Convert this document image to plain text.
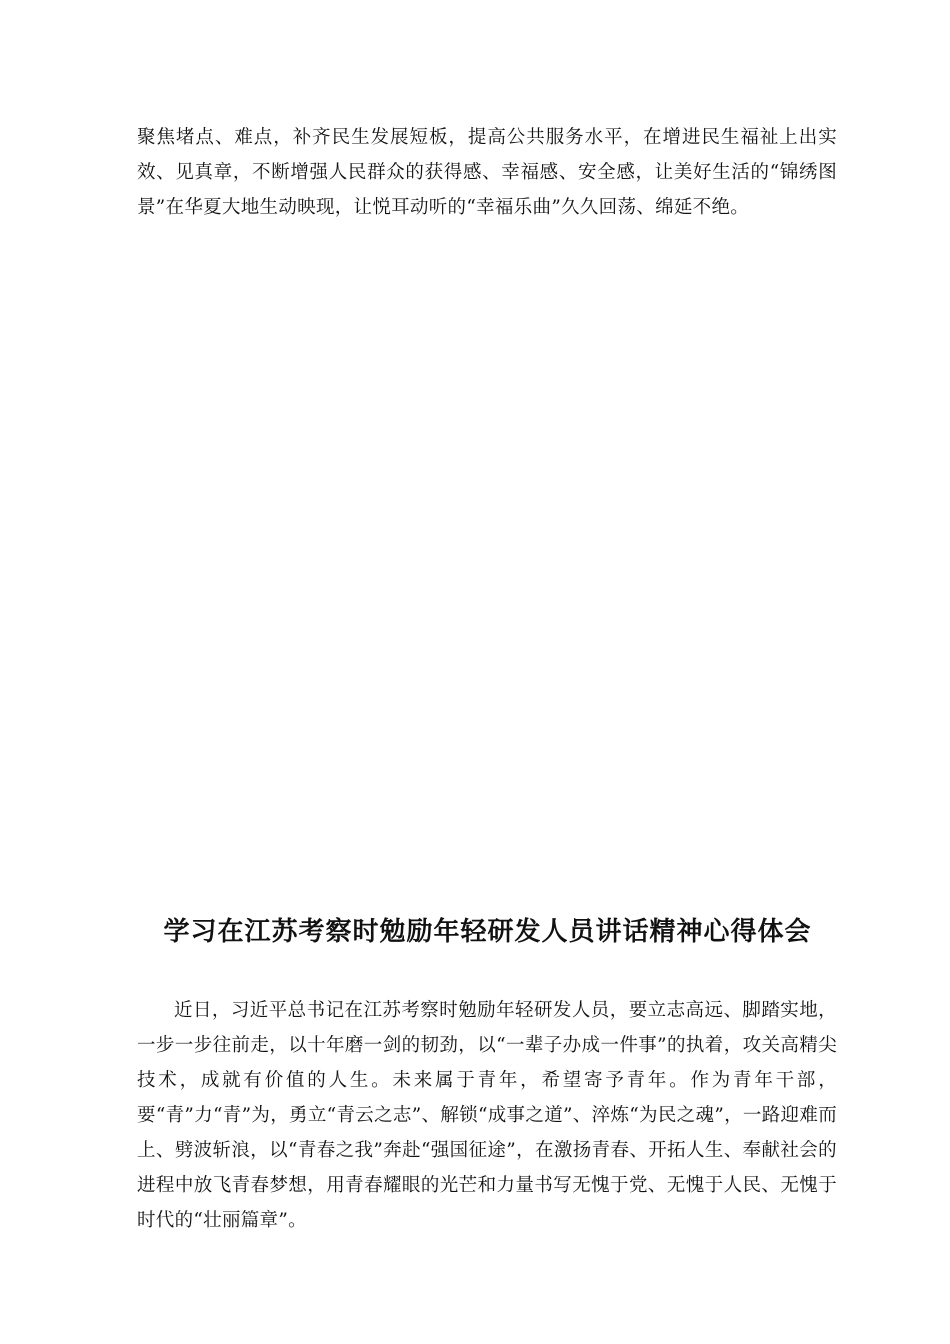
聚焦堵点、难点，补齐民生发展短板，提高公共服务水平，在增进民生福祉上出实效、见真章，不断增强人民群众的获得感、幸福感、安全感，让美好生活的“锦绣图景”在华夏大地生动映现，让悦耳动听的“幸福乐曲”久久回荡、绵延不绝。

学习在江苏考察时勉励年轻研发人员讲话精神心得体会

近日，习近平总书记在江苏考察时勉励年轻研发人员，要立志高远、脚踏实地，一步一步往前走，以十年磨一剑的韧劲，以“一辈子办成一件事”的执着，攻关高精尖技术，成就有价值的人生。未来属于青年，希望寄予青年。作为青年干部，要“青”力“青”为，勇立“青云之志”、解锁“成事之道”、淬炼“为民之魂”，一路迎难而上、劈波斩浪，以“青春之我”奔赴“强国征途”，在激扬青春、开拓人生、奉献社会的进程中放飞青春梦想，用青春耀眼的光芒和力量书写无愧于党、无愧于人民、无愧于时代的“壮丽篇章”。
